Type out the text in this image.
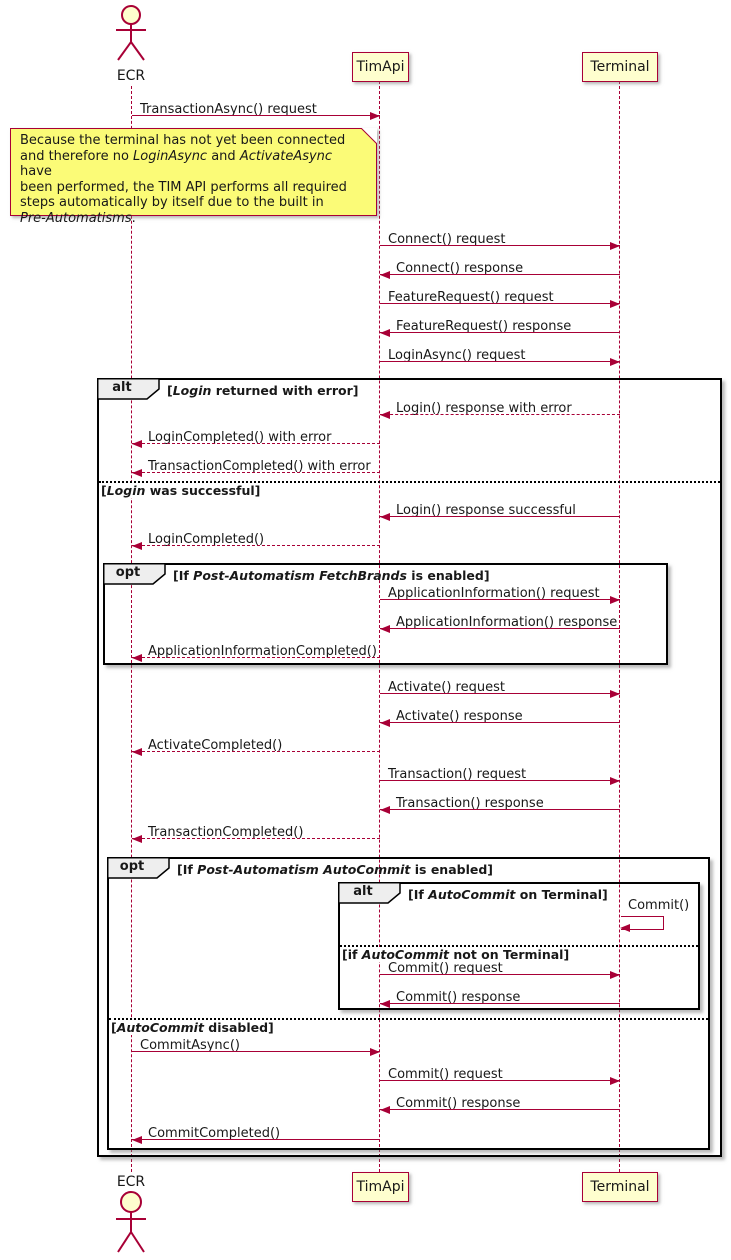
ECR
TimApi	Terminal
Because the terminal has not yet been connected
and therefore no LoginAsync and ActivateAsync have
been performed, the TIM API performs all required
steps automatically by itself due to the built in
Pre-Automatisms.
alt	[Login returned with error]
[Login was successful]
opt	[If Post-Automatism FetchBrands is enabled]
opt	[If Post-Automatism AutoCommit is enabled]
alt	[If AutoCommit on Terminal]
[if AutoCommit not on Terminal]
[AutoCommit disabled]
TransactionAsync() request
Connect() request
Connect() response
FeatureRequest() request
FeatureRequest() response
LoginAsync() request
Login() response with error
LoginCompleted() with error
TransactionCompleted() with error
Login() response successful
LoginCompleted()
ApplicationInformation() request
ApplicationInformation() response
ApplicationInformationCompleted()
Activate() request
Activate() response
ActivateCompleted()
Transaction() request
Transaction() response
TransactionCompleted()
Commit()
Commit() request
Commit() response
CommitAsync()
Commit() request
Commit() response
CommitCompleted()
TimApi	Terminal
ECR
